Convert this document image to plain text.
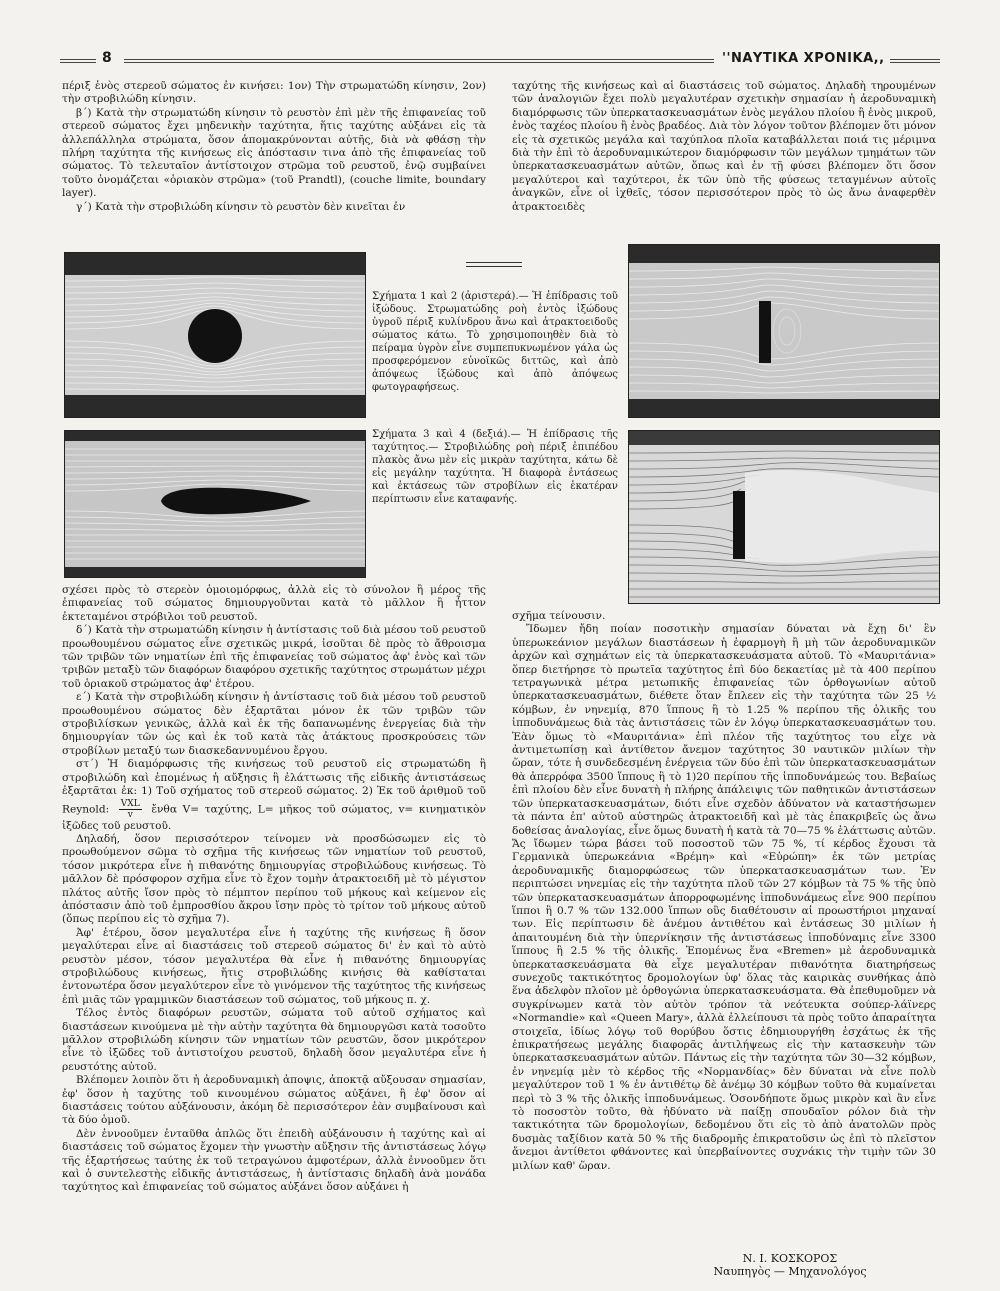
8	''ΝΑΥΤΙΚΑ ΧΡΟΝΙΚΑ,,

πέριξ ἑνὸς στερεοῦ σώματος ἐν κινήσει: 1ον) Τὴν στρωματώδη κίνησιν, 2ον) τὴν στροβιλώδη κίνησιν.

β΄) Κατὰ τὴν στρωματώδη κίνησιν τὸ ρευστὸν ἐπὶ μὲν τῆς ἐπιφανείας τοῦ στερεοῦ σώματος ἔχει μηδενικὴν ταχύτητα, ἥτις ταχύτης αὐξάνει εἰς τὰ ἀλλεπάλληλα στρώματα, ὅσον ἀπομακρύνονται αὐτῆς, διὰ νὰ φθάσῃ τὴν πλήρη ταχύτητα τῆς κινήσεως εἰς ἀπόστασιν τινα ἀπὸ τῆς ἐπιφανείας τοῦ σώματος. Τὸ τελευταῖον ἀντίστοιχον στρῶμα τοῦ ρευστοῦ, ἐνῷ συμβαίνει τοῦτο ὀνομάζεται «ὁριακὸν στρῶμα» (τοῦ Prandtl), (couche limite, boundary layer).

γ΄) Κατὰ τὴν στροβιλώδη κίνησιν τὸ ρευστὸν δὲν κινεῖται ἐν

ταχύτης τῆς κινήσεως καὶ αἱ διαστάσεις τοῦ σώματος. Δηλαδὴ τηρουμένων τῶν ἀναλογιῶν ἔχει πολὺ μεγαλυτέραν σχετικὴν σημασίαν ἡ ἀεροδυναμικὴ διαμόρφωσις τῶν ὑπερκατασκευασμάτων ἑνὸς μεγάλου πλοίου ἢ ἑνὸς μικροῦ, ἑνὸς ταχέος πλοίου ἢ ἑνὸς βραδέος. Διὰ τὸν λόγον τοῦτον βλέπομεν ὅτι μόνον εἰς τὰ σχετικῶς μεγάλα καὶ ταχύπλοα πλοῖα καταβάλλεται ποιά τις μέριμνα διὰ τὴν ἐπὶ τὸ ἀεροδυναμικώτερον διαμόρφωσιν τῶν μεγάλων τμημάτων τῶν ὑπερκατασκευασμάτων αὐτῶν, ὅπως καὶ ἐν τῇ φύσει βλέπομεν ὅτι ὅσον μεγαλύτεροι καὶ ταχύτεροι, ἐκ τῶν ὑπὸ τῆς φύσεως τεταγμένων αὐτοῖς ἀναγκῶν, εἶνε οἱ ἰχθεῖς, τόσον περισσότερον πρὸς τὸ ὡς ἄνω ἀναφερθὲν ἀτρακτοειδὲς

Σχήματα 1 καὶ 2 (ἀριστερά).— Ἡ ἐπίδρασις τοῦ ἰξώδους. Στρωματώδης ροὴ ἐντὸς ἰξώδους ὑγροῦ πέριξ κυλίνδρου ἄνω καὶ ἀτρακτοειδοῦς σώματος κάτω. Τὸ χρησιμοποιηθὲν διὰ τὸ πείραμα ὑγρὸν εἶνε συμπεπυκνωμένον γάλα ὡς προσφερόμενον εὐνοϊκῶς διττῶς, καὶ ἀπὸ ἀπόψεως ἰξώδους καὶ ἀπὸ ἀπόψεως φωτογραφήσεως.
Σχήματα 3 καὶ 4 (δεξιά).— Ἡ ἐπίδρασις τῆς ταχύτητος.— Στροβιλώδης ροὴ πέριξ ἐπιπέδου πλακὸς ἄνω μὲν εἰς μικρὰν ταχύτητα, κάτω δὲ εἰς μεγάλην ταχύτητα. Ἡ διαφορὰ ἐντάσεως καὶ ἐκτάσεως τῶν στροβίλων εἰς ἑκατέραν περίπτωσιν εἶνε καταφανής.

σχέσει πρὸς τὸ στερεὸν ὁμοιομόρφως, ἀλλὰ εἰς τὸ σύνολον ἢ μέρος τῆς ἐπιφανείας τοῦ σώματος δημιουργοῦνται κατὰ τὸ μᾶλλον ἢ ἧττον ἐκτεταμένοι στρόβιλοι τοῦ ρευστοῦ.

δ΄) Κατὰ τὴν στρωματώδη κίνησιν ἡ ἀντίστασις τοῦ διὰ μέσου τοῦ ρευστοῦ προωθουμένου σώματος εἶνε σχετικῶς μικρά, ἰσοῦται δὲ πρὸς τὸ ἄθροισμα τῶν τριβῶν τῶν νηματίων ἐπὶ τῆς ἐπιφανείας τοῦ σώματος ἀφ' ἑνὸς καὶ τῶν τριβῶν μεταξὺ τῶν διαφόρων διαφόρου σχετικῆς ταχύτητος στρωμάτων μέχρι τοῦ ὁριακοῦ στρώματος ἀφ' ἑτέρου.

ε΄) Κατὰ τὴν στροβιλώδη κίνησιν ἡ ἀντίστασις τοῦ διὰ μέσου τοῦ ρευστοῦ προωθουμένου σώματος δὲν ἐξαρτᾶται μόνον ἐκ τῶν τριβῶν τῶν στροβιλίσκων γενικῶς, ἀλλὰ καὶ ἐκ τῆς δαπανωμένης ἐνεργείας διὰ τὴν δημιουργίαν τῶν ὡς καὶ ἐκ τοῦ κατὰ τὰς ἀτάκτους προσκρούσεις τῶν στροβίλων μεταξύ των διασκεδαννυμένου ἔργου.

στ΄) Ἡ διαμόρφωσις τῆς κινήσεως τοῦ ρευστοῦ εἰς στρωματώδη ἢ στροβιλώδη καὶ ἑπομένως ἡ αὔξησις ἢ ἐλάττωσις τῆς εἰδικῆς ἀντιστάσεως ἐξαρτᾶται ἐκ: 1) Τοῦ σχήματος τοῦ στερεοῦ σώματος. 2) Ἐκ τοῦ ἀριθμοῦ τοῦ Reynold: VXL
v	ἔνθα V= ταχύτης, L= μῆκος τοῦ σώματος, v= κινηματικὸν ἰξῶδες τοῦ ρευστοῦ.

Δηλαδή, ὅσον περισσότερον τείνομεν νὰ προσδώσωμεν εἰς τὸ προωθούμενον σῶμα τὸ σχῆμα τῆς κινήσεως τῶν νηματίων τοῦ ρευστοῦ, τόσον μικρότερα εἶνε ἡ πιθανότης δημιουργίας στροβιλώδους κινήσεως. Τὸ μᾶλλον δὲ πρόσφορον σχῆμα εἶνε τὸ ἔχον τομὴν ἀτρακτοειδῆ μὲ τὸ μέγιστον πλάτος αὐτῆς ἴσον πρὸς τὸ πέμπτον περίπου τοῦ μήκους καὶ κείμενον εἰς ἀπόστασιν ἀπὸ τοῦ ἐμπροσθίου ἄκρου ἴσην πρὸς τὸ τρίτον τοῦ μήκους αὐτοῦ (ὅπως περίπου εἰς τὸ σχῆμα 7).

Ἀφ' ἑτέρου, ὅσον μεγαλυτέρα εἶνε ἡ ταχύτης τῆς κινήσεως ἢ ὅσον μεγαλύτεραι εἶνε αἱ διαστάσεις τοῦ στερεοῦ σώματος δι' ἐν καὶ τὸ αὐτὸ ρευστὸν μέσον, τόσον μεγαλυτέρα θὰ εἶνε ἡ πιθανότης δημιουργίας στροβιλώδους κινήσεως, ἥτις στροβιλώδης κινήσις θὰ καθίσταται ἐντονωτέρα ὅσον μεγαλύτερον εἶνε τὸ γινόμενον τῆς ταχύτητος τῆς κινήσεως ἐπὶ μιᾶς τῶν γραμμικῶν διαστάσεων τοῦ σώματος, τοῦ μήκους π. χ.

Τέλος ἐντὸς διαφόρων ρευστῶν, σώματα τοῦ αὐτοῦ σχήματος καὶ διαστάσεων κινούμενα μὲ τὴν αὐτὴν ταχύτητα θὰ δημιουργῶσι κατὰ τοσοῦτο μᾶλλον στροβιλώδη κίνησιν τῶν νηματίων τῶν ρευστῶν, ὅσον μικρότερον εἶνε τὸ ἰξῶδες τοῦ ἀντιστοίχου ρευστοῦ, δηλαδὴ ὅσον μεγαλυτέρα εἶνε ἡ ρευστότης αὐτοῦ.

Βλέπομεν λοιπὸν ὅτι ἡ ἀεροδυναμικὴ ἀποψις, ἀποκτᾷ αὔξουσαν σημασίαν, ἐφ' ὅσον ἡ ταχύτης τοῦ κινουμένου σώματος αὐξάνει, ἢ ἐφ' ὅσον αἱ διαστάσεις τούτου αὐξάνουσιν, ἀκόμη δὲ περισσότερον ἐὰν συμβαίνουσι καὶ τὰ δύο ὁμοῦ.

Δὲν ἐννοοῦμεν ἐνταῦθα ἁπλῶς ὅτι ἐπειδὴ αὐξάνουσιν ἡ ταχύτης καὶ αἱ διαστάσεις τοῦ σώματος ἔχομεν τὴν γνωστὴν αὔξησιν τῆς ἀντιστάσεως λόγῳ τῆς ἐξαρτήσεως ταύτης ἐκ τοῦ τετραγώνου ἀμφοτέρων, ἀλλὰ ἐννοοῦμεν ὅτι καὶ ὁ συντελεστὴς εἰδικῆς ἀντιστάσεως, ἡ ἀντίστασις δηλαδὴ ἀνὰ μονάδα ταχύτητος καὶ ἐπιφανείας τοῦ σώματος αὐξάνει ὅσον αὐξάνει ἡ

σχῆμα τείνουσιν.

Ἴδωμεν ἤδη ποίαν ποσοτικὴν σημασίαν δύναται νὰ ἔχῃ δι' ἓν ὑπερωκεάνιον μεγάλων διαστάσεων ἡ ἐφαρμογὴ ἢ μὴ τῶν ἀεροδυναμικῶν ἀρχῶν καὶ σχημάτων εἰς τὰ ὑπερκατασκευάσματα αὐτοῦ. Τὸ «Μαυριτάνια» ὅπερ διετήρησε τὸ πρωτεῖα ταχύτητος ἐπὶ δύο δεκαετίας μὲ τὰ 400 περίπου τετραγωνικὰ μέτρα μετωπικῆς ἐπιφανείας τῶν ὀρθογωνίων αὐτοῦ ὑπερκατασκευασμάτων, διέθετε ὅταν ἔπλεεν εἰς τὴν ταχύτητα τῶν 25 ½ κόμβων, ἐν νηνεμίᾳ, 870 ἵππους ἢ τὸ 1.25 % περίπου τῆς ὁλικῆς του ἱπποδυνάμεως διὰ τὰς ἀντιστάσεις τῶν ἐν λόγῳ ὑπερκατασκευασμάτων του. Ἐὰν ὅμως τὸ «Μαυριτάνια» ἐπὶ πλέον τῆς ταχύτητος του εἶχε νὰ ἀντιμετωπίσῃ καὶ ἀντίθετον ἄνεμον ταχύτητος 30 ναυτικῶν μιλίων τὴν ὥραν, τότε ἡ συνδεδεσμένη ἐνέργεια τῶν δύο ἐπὶ τῶν ὑπερκατασκευασμάτων θὰ ἀπερρόφα 3500 ἵππους ἢ τὸ 1)20 περίπου τῆς ἱπποδυνάμεώς του. Βεβαίως ἐπὶ πλοίου δὲν εἶνε δυνατὴ ἡ πλήρης ἀπάλειψις τῶν παθητικῶν ἀντιστάσεων τῶν ὑπερκατασκευασμάτων, διότι εἶνε σχεδὸν ἀδύνατον νὰ καταστήσωμεν τὰ πάντα ἐπ' αὐτοῦ αὐστηρῶς ἀτρακτοειδῆ καὶ μὲ τὰς ἐπακριβεῖς ὡς ἄνω δοθείσας ἀναλογίας, εἶνε ὅμως δυνατὴ ἡ κατὰ τὰ 70—75 % ἐλάττωσις αὐτῶν. Ἄς ἴδωμεν τώρα βάσει τοῦ ποσοστοῦ τῶν 75 %, τί κέρδος ἔχουσι τὰ Γερμανικὰ ὑπερωκεάνια «Βρέμη» καὶ «Εὐρώπη» ἐκ τῶν μετρίας ἀεροδυναμικῆς διαμορφώσεως τῶν ὑπερκατασκευασμάτων των. Ἐν περιπτώσει νηνεμίας εἰς τὴν ταχύτητα πλοῦ τῶν 27 κόμβων τὰ 75 % τῆς ὑπὸ τῶν ὑπερκατασκευασμάτων ἀπορροφωμένης ἱπποδυνάμεως εἶνε 900 περίπου ἵπποι ἢ 0.7 % τῶν 132.000 ἵππων οὓς διαθέτουσιν αἱ προωστήριοι μηχαναί των. Εἰς περίπτωσιν δὲ ἀνέμου ἀντιθέτου καὶ ἐντάσεως 30 μιλίων ἡ ἀπαιτουμένη διὰ τὴν ὑπερνίκησιν τῆς ἀντιστάσεως ἱπποδύναμις εἶνε 3300 ἵππους ἢ 2.5 % τῆς ὁλικῆς. Ἑπομένως ἕνα «Bremen» μὲ ἀεροδυναμικὰ ὑπερκατασκευάσματα θὰ εἶχε μεγαλυτέραν πιθανότητα διατηρήσεως συνεχοῦς τακτικότητος δρομολογίων ὑφ' ὅλας τὰς καιρικὰς συνθήκας ἀπὸ ἕνα ἀδελφὸν πλοῖον μὲ ὀρθογώνια ὑπερκατασκευάσματα. Θὰ ἐπεθυμοῦμεν νὰ συγκρίνωμεν κατὰ τὸν αὐτὸν τρόπον τὰ νεότευκτα σούπερ-λάϊνερς «Normandie» καὶ «Queen Mary», ἀλλὰ ἐλλείπουσι τὰ πρὸς τοῦτο ἀπαραίτητα στοιχεῖα, ἰδίως λόγῳ τοῦ θορύβου ὅστις ἐδημιουργήθη ἐσχάτως ἐκ τῆς ἐπικρατήσεως μεγάλης διαφορᾶς ἀντιλήψεως εἰς τὴν κατασκευὴν τῶν ὑπερκατασκευασμάτων αὐτῶν. Πάντως εἰς τὴν ταχύτητα τῶν 30—32 κόμβων, ἐν νηνεμίᾳ μὲν τὸ κέρδος τῆς «Νορμανδίας» δὲν δύναται νὰ εἶνε πολὺ μεγαλύτερον τοῦ 1 % ἐν ἀντιθέτῳ δὲ ἀνέμῳ 30 κόμβων τοῦτο θὰ κυμαίνεται περὶ τὸ 3 % τῆς ὁλικῆς ἱπποδυνάμεως. Ὁσονδήποτε ὅμως μικρὸν καὶ ἂν εἶνε τὸ ποσοστὸν τοῦτο, θὰ ἠδύνατο νὰ παίξῃ σπουδαῖον ρόλον διὰ τὴν τακτικότητα τῶν δρομολογίων, δεδομένου ὅτι εἰς τὸ ἀπὸ ἀνατολῶν πρὸς δυσμὰς ταξίδιον κατὰ 50 % τῆς διαδρομῆς ἐπικρατοῦσιν ὡς ἐπὶ τὸ πλεῖστον ἄνεμοι ἀντίθετοι φθάνοντες καὶ ὑπερβαίνοντες συχνάκις τὴν τιμὴν τῶν 30 μιλίων καθ' ὥραν.

Ν. Ι. ΚΟΣΚΟΡΟΣ
Ναυπηγὸς — Μηχανολόγος
